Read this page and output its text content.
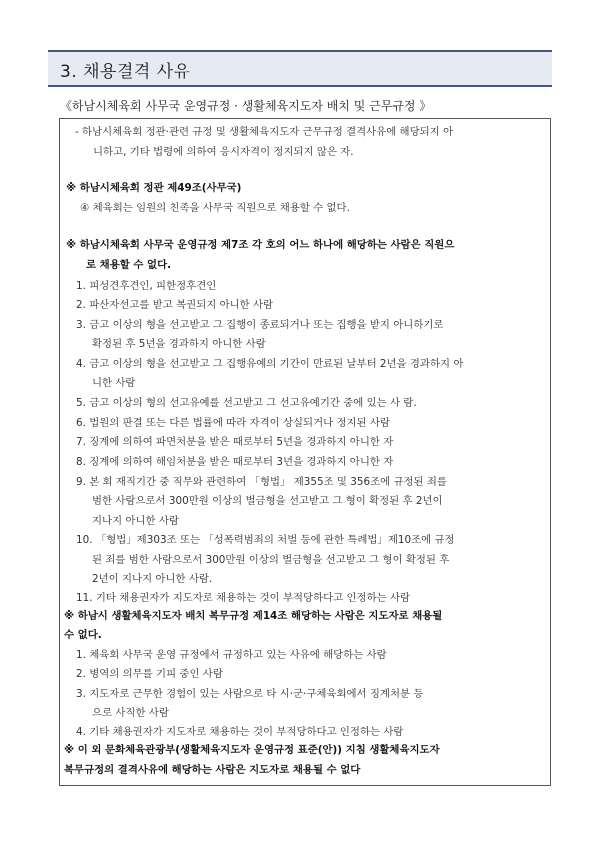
3. 채용결격 사유
《하남시체육회 사무국 운영규정 · 생활체육지도자 배치 및 근무규정 》
- 하남시체육회 정관·관련 규정 및 생활체육지도자 근무규정 결격사유에 해당되지 아
니하고, 기타 법령에 의하여 응시자격이 정지되지 않은 자.
※ 하남시체육회 정관 제49조(사무국)
④ 체육회는 임원의 친족을 사무국 직원으로 채용할 수 없다.
※ 하남시체육회 사무국 운영규정 제7조 각 호의 어느 하나에 해당하는 사람은 직원으
로 채용할 수 없다.
1. 피성견후견인, 피한정후견인
2. 파산자선고를 받고 복권되지 아니한 사람
3. 금고 이상의 형을 선고받고 그 집행이 종료되거나 또는 집행을 받지 아니하기로
확정된 후 5년을 경과하지 아니한 사람
4. 금고 이상의 형을 선고받고 그 집행유예의 기간이 만료된 날부터 2년을 경과하지 아
니한 사람
5. 금고 이상의 형의 선고유예를 선고받고 그 선고유예기간 중에 있는 사 람.
6. 법원의 판결 또는 다른 법률에 따라 자격이 상실되거나 정지된 사람
7. 징계에 의하여 파면처분을 받은 때로부터 5년을 경과하지 아니한 자
8. 징계에 의하여 해임처분을 받은 때로부터 3년을 경과하지 아니한 자
9. 본 회 재직기간 중 직무와 관련하여 「형법」 제355조 및 356조에 규정된 죄를
범한 사람으로서 300만원 이상의 벌금형을 선고받고 그 형이 확정된 후 2년이
지나지 아니한 사람
10. 「형법」제303조 또는 「성폭력범죄의 처벌 등에 관한 특례법」제10조에 규정
된 죄를 범한 사람으로서 300만원 이상의 벌금형을 선고받고 그 형이 확정된 후
2년이 지나지 아니한 사람.
11. 기타 채용권자가 지도자로 채용하는 것이 부적당하다고 인정하는 사람
※ 하남시 생활체육지도자 배치 복무규정 제14조 해당하는 사람은 지도자로 채용될
수 없다.
1. 체육회 사무국 운영 규정에서 규정하고 있는 사유에 해당하는 사람
2. 병역의 의무를 기피 중인 사람
3. 지도자로 근무한 경험이 있는 사람으로 타 시·군·구체육회에서 징계처분 등
으로 사직한 사람
4. 기타 채용권자가 지도자로 채용하는 것이 부적당하다고 인정하는 사람
※ 이 외 문화체육관광부(생활체육지도자 운영규정 표준(안)) 지침 생활체육지도자
복무규정의 결격사유에 해당하는 사람은 지도자로 채용될 수 없다
